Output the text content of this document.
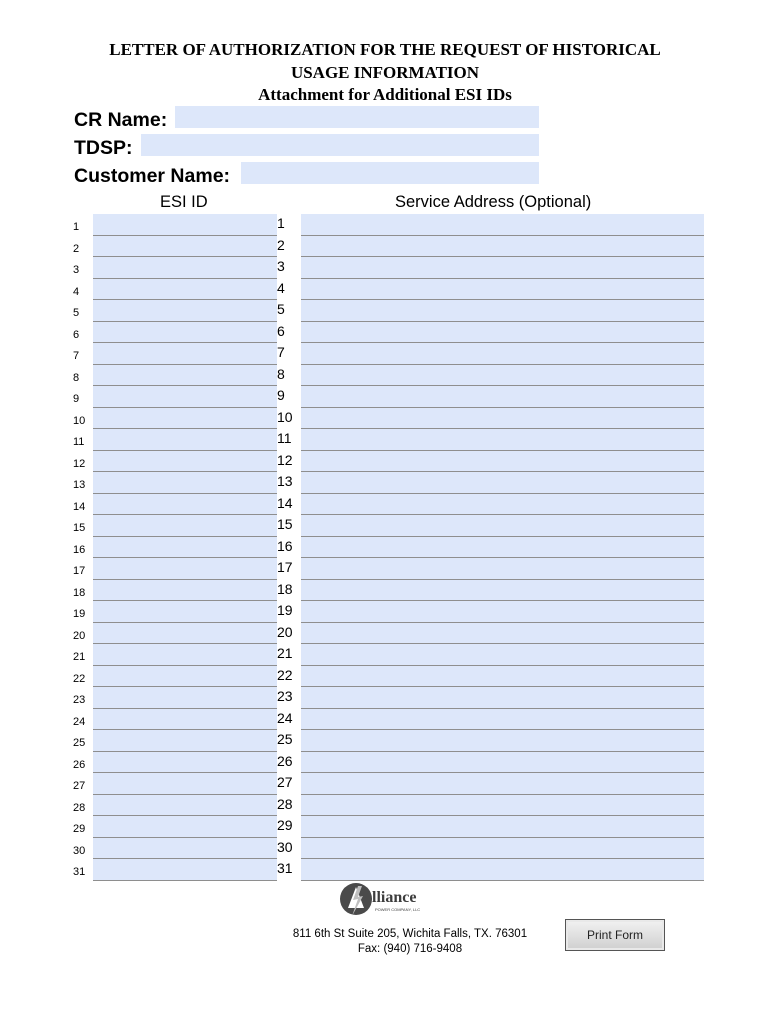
LETTER OF AUTHORIZATION FOR THE REQUEST OF HISTORICAL
USAGE INFORMATION
Attachment for Additional ESI IDs
CR Name:
TDSP:
Customer Name:
ESI ID	Service Address (Optional)
1	1
2	2
3	3
4	4
5	5
6	6
7	7
8	8
9	9
10	10
11	11
12	12
13	13
14	14
15	15
16	16
17	17
18	18
19	19
20	20
21	21
22	22
23	23
24	24
25	25
26	26
27	27
28	28
29	29
30	30
31	31
lliance
POWER COMPANY, LLC
811 6th St Suite 205, Wichita Falls, TX. 76301
Fax: (940) 716-9408
Print Form
